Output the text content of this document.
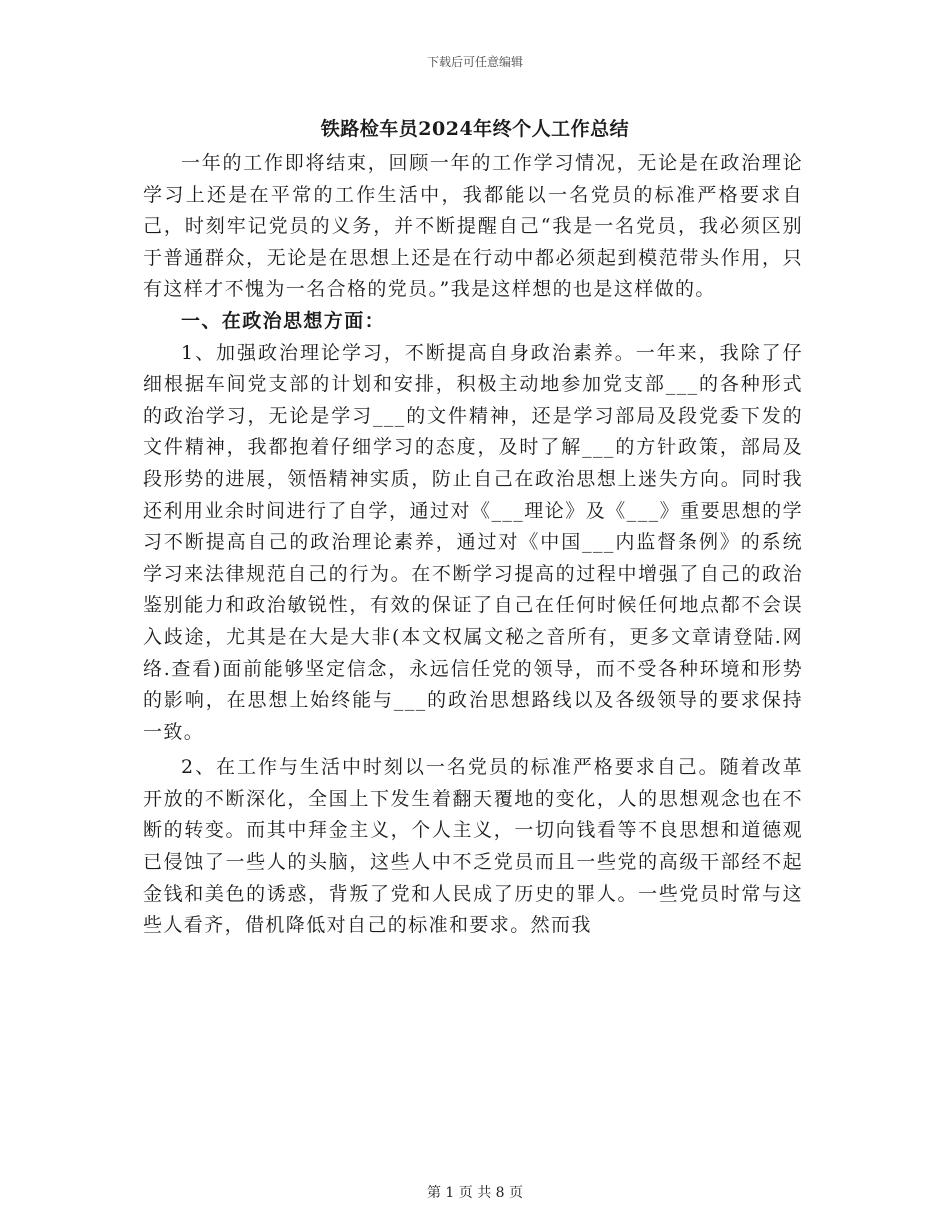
下载后可任意编辑

铁路检车员2024年终个人工作总结

一年的工作即将结束，回顾一年的工作学习情况，无论是在政治理论学习上还是在平常的工作生活中，我都能以一名党员的标准严格要求自己，时刻牢记党员的义务，并不断提醒自己“我是一名党员，我必须区别于普通群众，无论是在思想上还是在行动中都必须起到模范带头作用，只有这样才不愧为一名合格的党员。”我是这样想的也是这样做的。

一、在政治思想方面：

1、加强政治理论学习，不断提高自身政治素养。一年来，我除了仔细根据车间党支部的计划和安排，积极主动地参加党支部___的各种形式的政治学习，无论是学习___的文件精神，还是学习部局及段党委下发的文件精神，我都抱着仔细学习的态度，及时了解___的方针政策，部局及段形势的进展，领悟精神实质，防止自己在政治思想上迷失方向。同时我还利用业余时间进行了自学，通过对《___理论》及《___》重要思想的学习不断提高自己的政治理论素养，通过对《中国___内监督条例》的系统学习来法律规范自己的行为。在不断学习提高的过程中增强了自己的政治鉴别能力和政治敏锐性，有效的保证了自己在任何时候任何地点都不会误入歧途，尤其是在大是大非(本文权属文秘之音所有，更多文章请登陆.网络.查看)面前能够坚定信念，永远信任党的领导，而不受各种环境和形势的影响，在思想上始终能与___的政治思想路线以及各级领导的要求保持一致。

2、在工作与生活中时刻以一名党员的标准严格要求自己。随着改革开放的不断深化，全国上下发生着翻天覆地的变化，人的思想观念也在不断的转变。而其中拜金主义，个人主义，一切向钱看等不良思想和道德观已侵蚀了一些人的头脑，这些人中不乏党员而且一些党的高级干部经不起金钱和美色的诱惑，背叛了党和人民成了历史的罪人。一些党员时常与这些人看齐，借机降低对自己的标准和要求。然而我

第 1 页 共 8 页
